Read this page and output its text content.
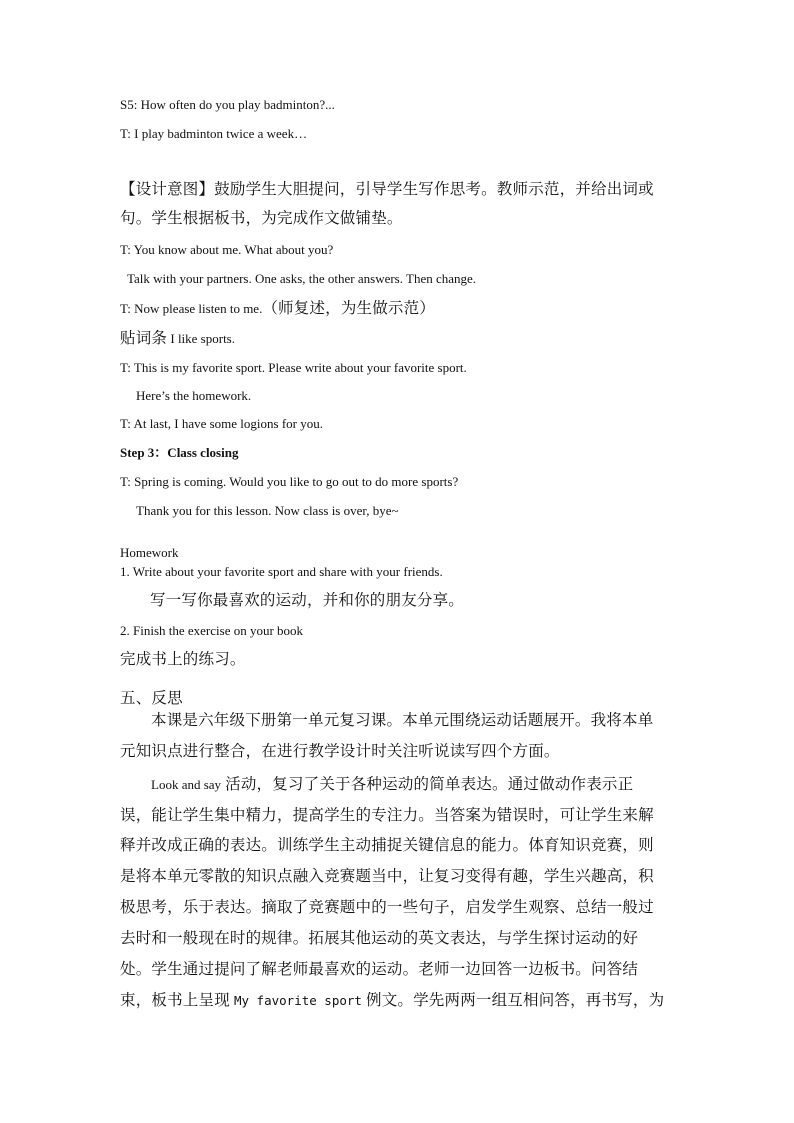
S5: How often do you play badminton?...
T: I play badminton twice a week…
【设计意图】鼓励学生大胆提问，引导学生写作思考。教师示范，并给出词或
句。学生根据板书，为完成作文做铺垫。
T: You know about me. What about you?
Talk with your partners. One asks, the other answers. Then change.
T: Now please listen to me.（师复述，为生做示范）
贴词条 I like sports.
T: This is my favorite sport. Please write about your favorite sport.
Here’s the homework.
T: At last, I have some logions for you.
Step 3：Class closing
T: Spring is coming. Would you like to go out to do more sports?
Thank you for this lesson. Now class is over, bye~
Homework
1. Write about your favorite sport and share with your friends.
写一写你最喜欢的运动，并和你的朋友分享。
2. Finish the exercise on your book
完成书上的练习。
五、反思
本课是六年级下册第一单元复习课。本单元围绕运动话题展开。我将本单
元知识点进行整合，在进行教学设计时关注听说读写四个方面。
Look and say 活动，复习了关于各种运动的简单表达。通过做动作表示正
误，能让学生集中精力，提高学生的专注力。当答案为错误时，可让学生来解
释并改成正确的表达。训练学生主动捕捉关键信息的能力。体育知识竞赛，则
是将本单元零散的知识点融入竞赛题当中，让复习变得有趣，学生兴趣高，积
极思考，乐于表达。摘取了竞赛题中的一些句子，启发学生观察、总结一般过
去时和一般现在时的规律。拓展其他运动的英文表达，与学生探讨运动的好
处。学生通过提问了解老师最喜欢的运动。老师一边回答一边板书。问答结
束，板书上呈现 My favorite sport 例文。学先两两一组互相问答，再书写，为
